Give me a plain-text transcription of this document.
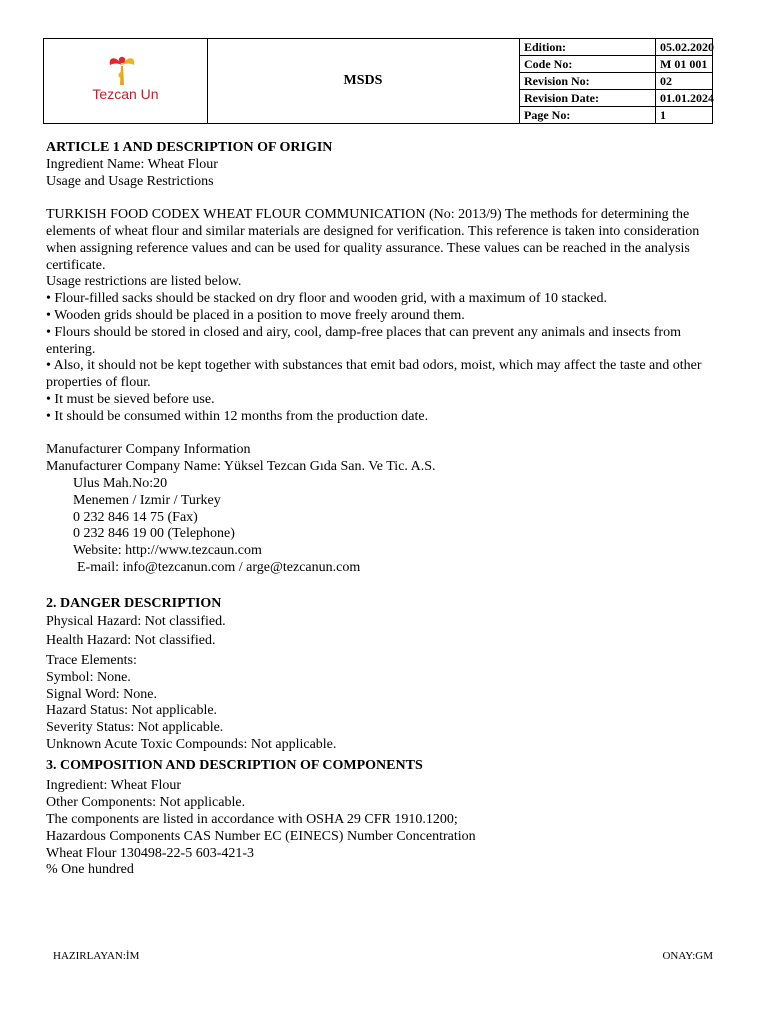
Tezcan Un
MSDS
Edition:	05.02.2020
Code No:	M 01 001
Revision No:	02
Revision Date:	01.01.2024
Page No:	1

ARTICLE 1 AND DESCRIPTION OF ORIGIN

Ingredient Name: Wheat Flour

Usage and Usage Restrictions

TURKISH FOOD CODEX WHEAT FLOUR COMMUNICATION (No: 2013/9) The methods for determining the elements of wheat flour and similar materials are designed for verification. This reference is taken into consideration when assigning reference values and can be used for quality assurance. These values can be reached in the analysis certificate.

Usage restrictions are listed below.

• Flour-filled sacks should be stacked on dry floor and wooden grid, with a maximum of 10 stacked.

• Wooden grids should be placed in a position to move freely around them.

• Flours should be stored in closed and airy, cool, damp-free places that can prevent any animals and insects from entering.

• Also, it should not be kept together with substances that emit bad odors, moist, which may affect the taste and other properties of flour.

• It must be sieved before use.

• It should be consumed within 12 months from the production date.

Manufacturer Company Information

Manufacturer Company Name: Yüksel Tezcan Gıda San. Ve Tic. A.S.

Ulus Mah.No:20

Menemen / Izmir / Turkey

0 232 846 14 75 (Fax)

0 232 846 19 00 (Telephone)

Website: http://www.tezcaun.com

E-mail: info@tezcanun.com / arge@tezcanun.com

2. DANGER DESCRIPTION

Physical Hazard: Not classified.

Health Hazard: Not classified.

Trace Elements:

Symbol: None.

Signal Word: None.

Hazard Status: Not applicable.

Severity Status: Not applicable.

Unknown Acute Toxic Compounds: Not applicable.

3. COMPOSITION AND DESCRIPTION OF COMPONENTS

Ingredient: Wheat Flour

Other Components: Not applicable.

The components are listed in accordance with OSHA 29 CFR 1910.1200;

Hazardous Components CAS Number EC (EINECS) Number Concentration

Wheat Flour 130498-22-5 603-421-3

% One hundred

HAZIRLAYAN:İM	ONAY:GM
